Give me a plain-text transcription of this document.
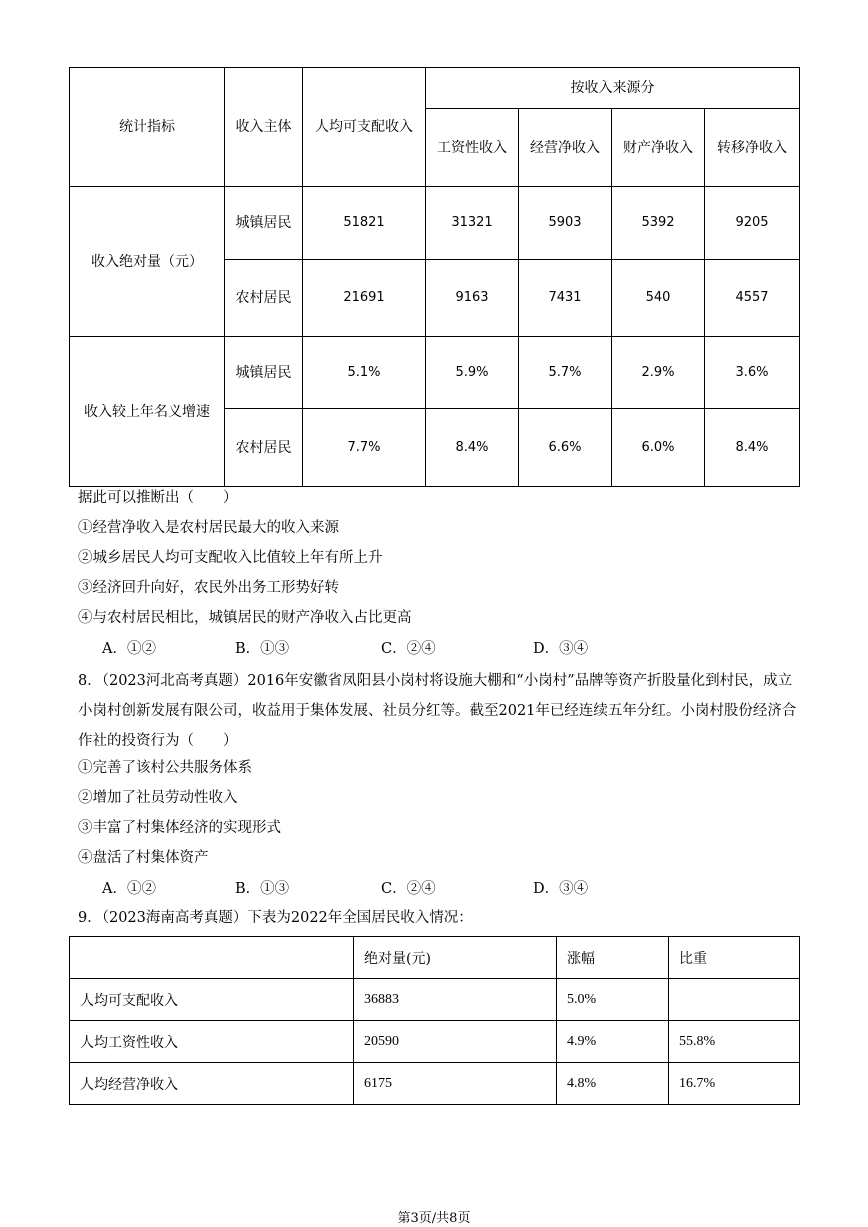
统计指标	收入主体	人均可支配收入	按收入来源分			
			工资性收入	经营净收入	财产净收入	转移净收入
收入绝对量（元）	城镇居民	51821	31321	5903	5392	9205
	农村居民	21691	9163	7431	540	4557
收入较上年名义增速	城镇居民	5.1%	5.9%	5.7%	2.9%	3.6%
	农村居民	7.7%	8.4%	6.6%	6.0%	8.4%
据此可以推断出（　　）
①经营净收入是农村居民最大的收入来源
②城乡居民人均可支配收入比值较上年有所上升
③经济回升向好，农民外出务工形势好转
④与农村居民相比，城镇居民的财产净收入占比更高
A．①②	B．①③	C．②④	D．③④
8．（2023河北高考真题）2016年安徽省凤阳县小岗村将设施大棚和“小岗村”品牌等资产折股量化到村民，成立小岗村创新发展有限公司，收益用于集体发展、社员分红等。截至2021年已经连续五年分红。小岗村股份经济合作社的投资行为（　　）
①完善了该村公共服务体系
②增加了社员劳动性收入
③丰富了村集体经济的实现形式
④盘活了村集体资产
A．①②	B．①③	C．②④	D．③④
9．（2023海南高考真题）下表为2022年全国居民收入情况：
	绝对量(元)	涨幅	比重
人均可支配收入	36883	5.0%	
人均工资性收入	20590	4.9%	55.8%
人均经营净收入	6175	4.8%	16.7%
第3页/共8页
